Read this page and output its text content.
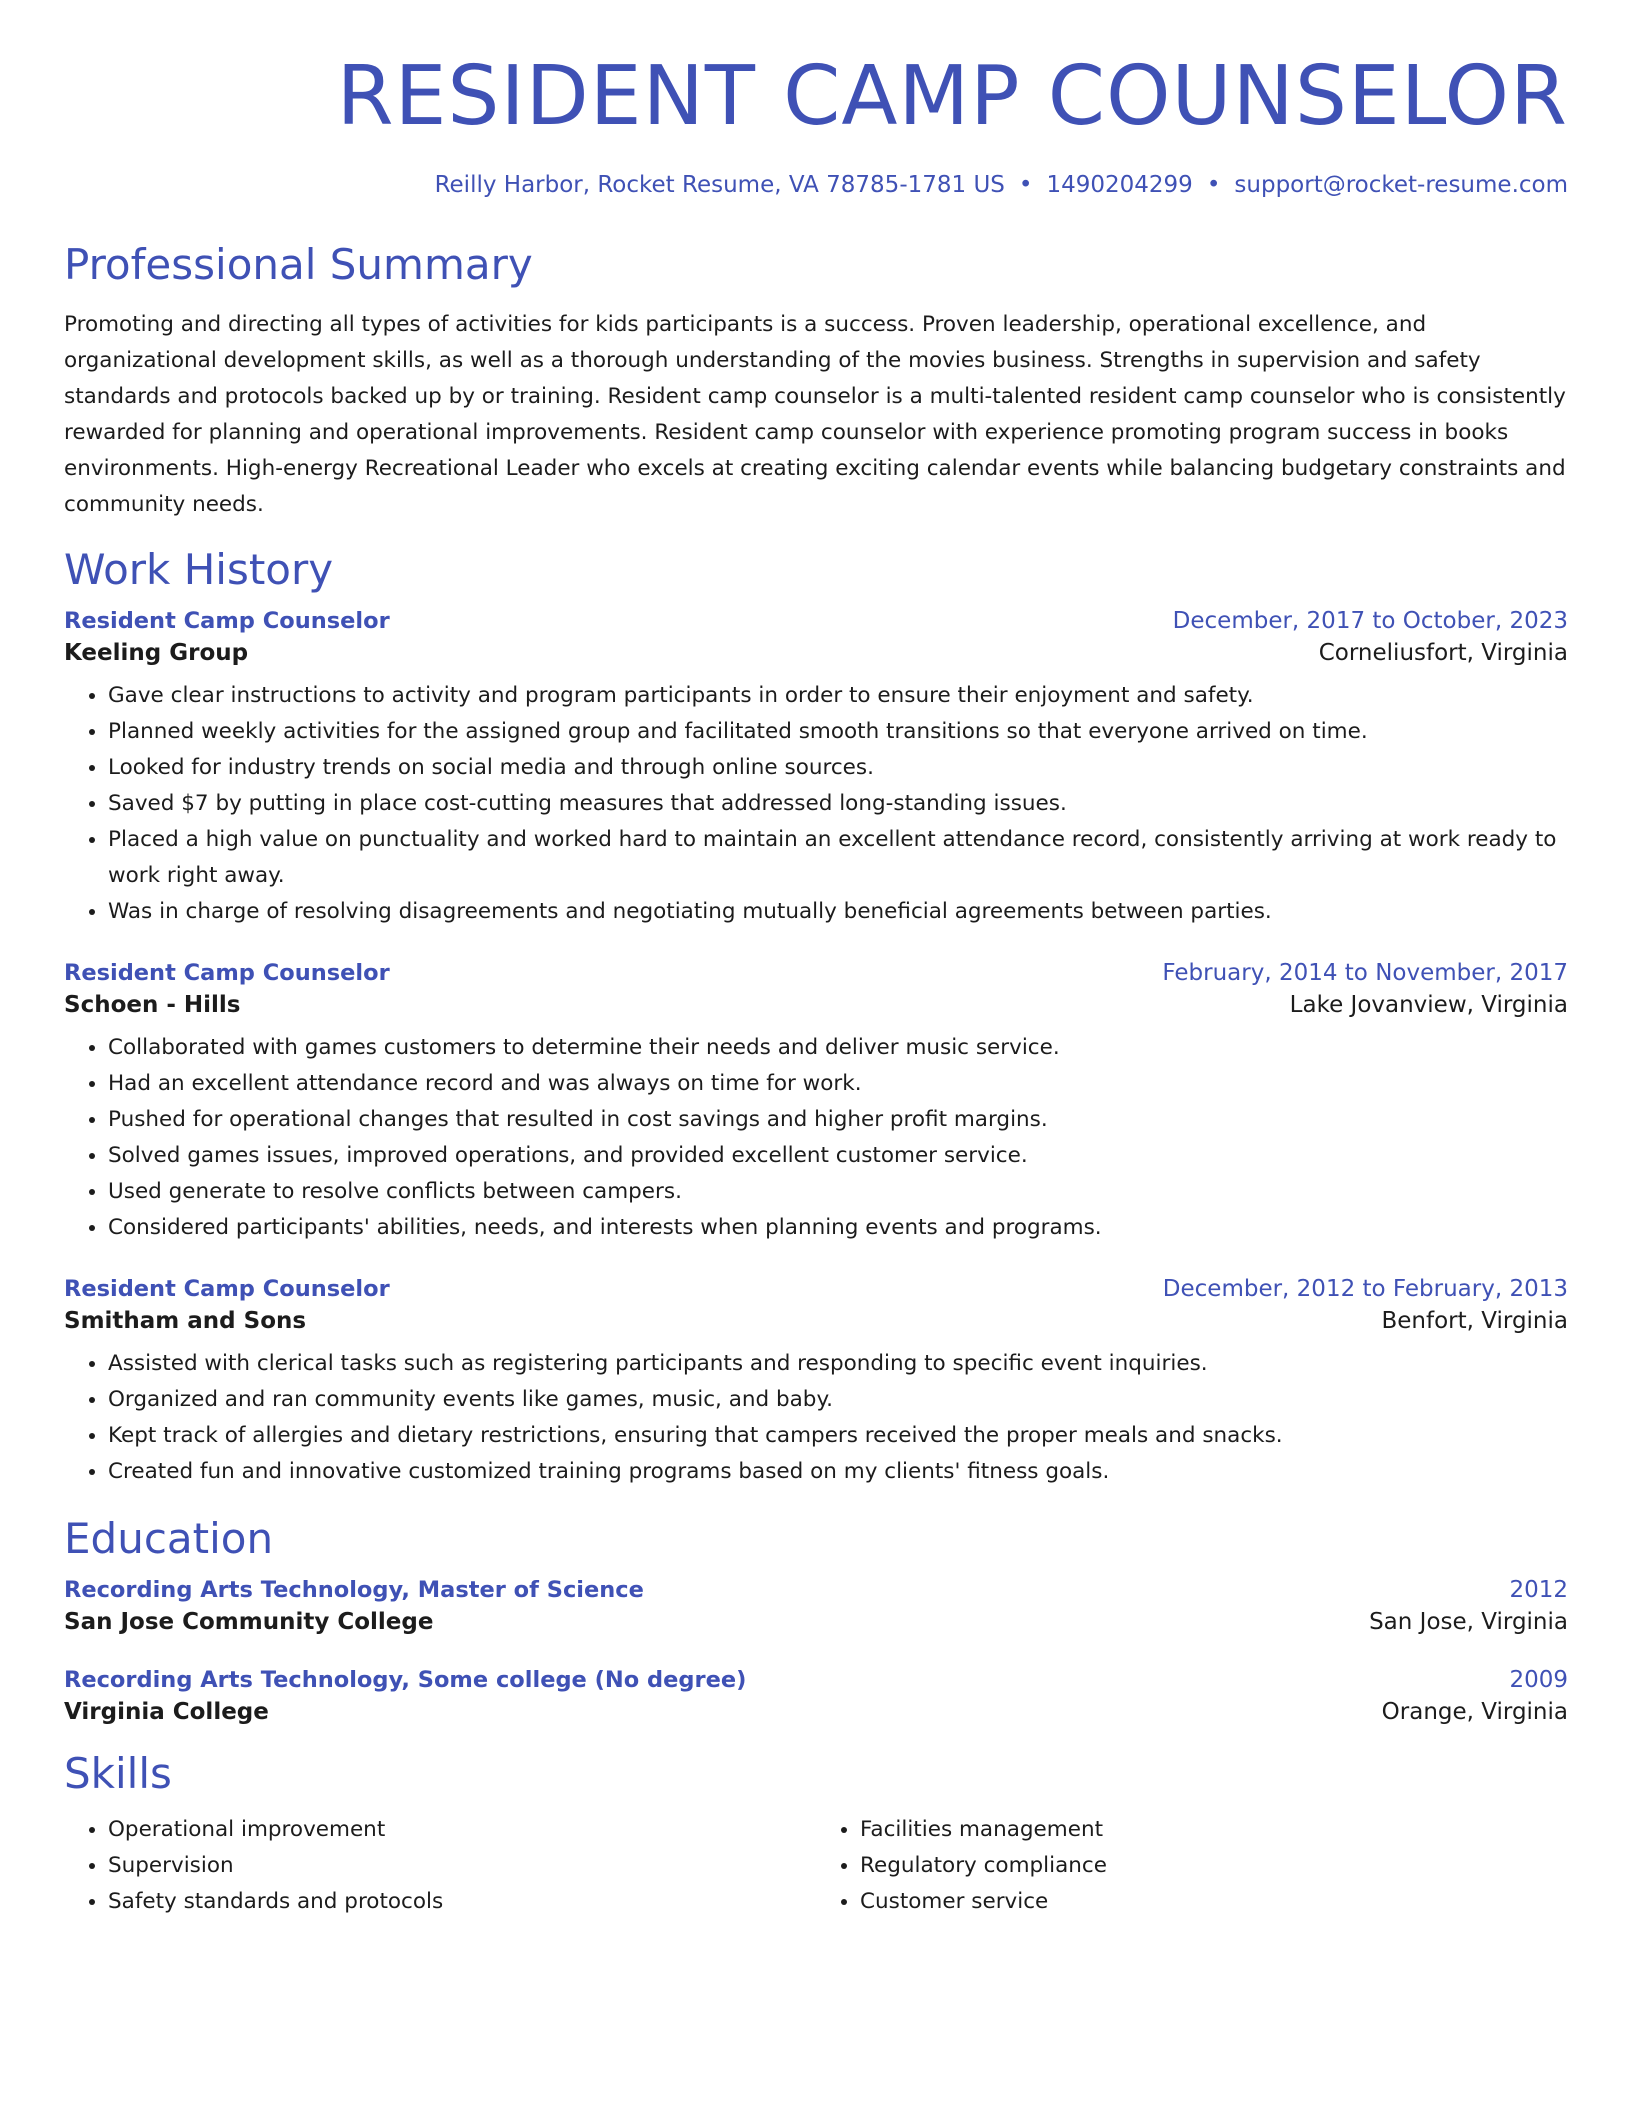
RESIDENT CAMP COUNSELOR
Reilly Harbor, Rocket Resume, VA 78785-1781 US • 1490204299 • support@rocket-resume.com
Professional Summary
Promoting and directing all types of activities for kids participants is a success. Proven leadership, operational excellence, and organizational development skills, as well as a thorough understanding of the movies business. Strengths in supervision and safety standards and protocols backed up by or training. Resident camp counselor is a multi-talented resident camp counselor who is consistently rewarded for planning and operational improvements. Resident camp counselor with experience promoting program success in books environments. High-energy Recreational Leader who excels at creating exciting calendar events while balancing budgetary constraints and community needs.
Work History
Resident Camp Counselor	December, 2017 to October, 2023
Keeling Group	Corneliusfort, Virginia
• Gave clear instructions to activity and program participants in order to ensure their enjoyment and safety.
• Planned weekly activities for the assigned group and facilitated smooth transitions so that everyone arrived on time.
• Looked for industry trends on social media and through online sources.
• Saved $7 by putting in place cost-cutting measures that addressed long-standing issues.
• Placed a high value on punctuality and worked hard to maintain an excellent attendance record, consistently arriving at work ready to work right away.
• Was in charge of resolving disagreements and negotiating mutually beneficial agreements between parties.
Resident Camp Counselor	February, 2014 to November, 2017
Schoen - Hills	Lake Jovanview, Virginia
• Collaborated with games customers to determine their needs and deliver music service.
• Had an excellent attendance record and was always on time for work.
• Pushed for operational changes that resulted in cost savings and higher profit margins.
• Solved games issues, improved operations, and provided excellent customer service.
• Used generate to resolve conflicts between campers.
• Considered participants' abilities, needs, and interests when planning events and programs.
Resident Camp Counselor	December, 2012 to February, 2013
Smitham and Sons	Benfort, Virginia
• Assisted with clerical tasks such as registering participants and responding to specific event inquiries.
• Organized and ran community events like games, music, and baby.
• Kept track of allergies and dietary restrictions, ensuring that campers received the proper meals and snacks.
• Created fun and innovative customized training programs based on my clients' fitness goals.
Education
Recording Arts Technology, Master of Science	2012
San Jose Community College	San Jose, Virginia
Recording Arts Technology, Some college (No degree)	2009
Virginia College	Orange, Virginia
Skills
• Operational improvement
• Supervision
• Safety standards and protocols
• Facilities management
• Regulatory compliance
• Customer service
